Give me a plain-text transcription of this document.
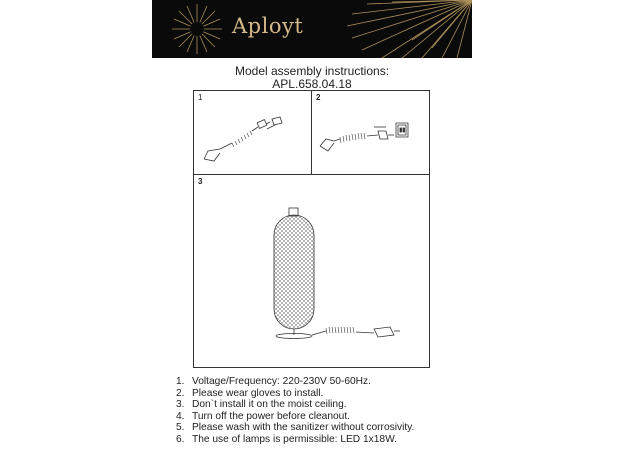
Aployt
Model assembly instructions:
APL.658.04.18
1	2
3
1. Voltage/Frequency: 220-230V 50-60Hz.
2. Please wear gloves to install.
3. Don`t install it on the moist ceiling.
4. Turn off the power before cleanout.
5. Please wash with the sanitizer without corrosivity.
6. The use of lamps is permissible: LED 1x18W.
